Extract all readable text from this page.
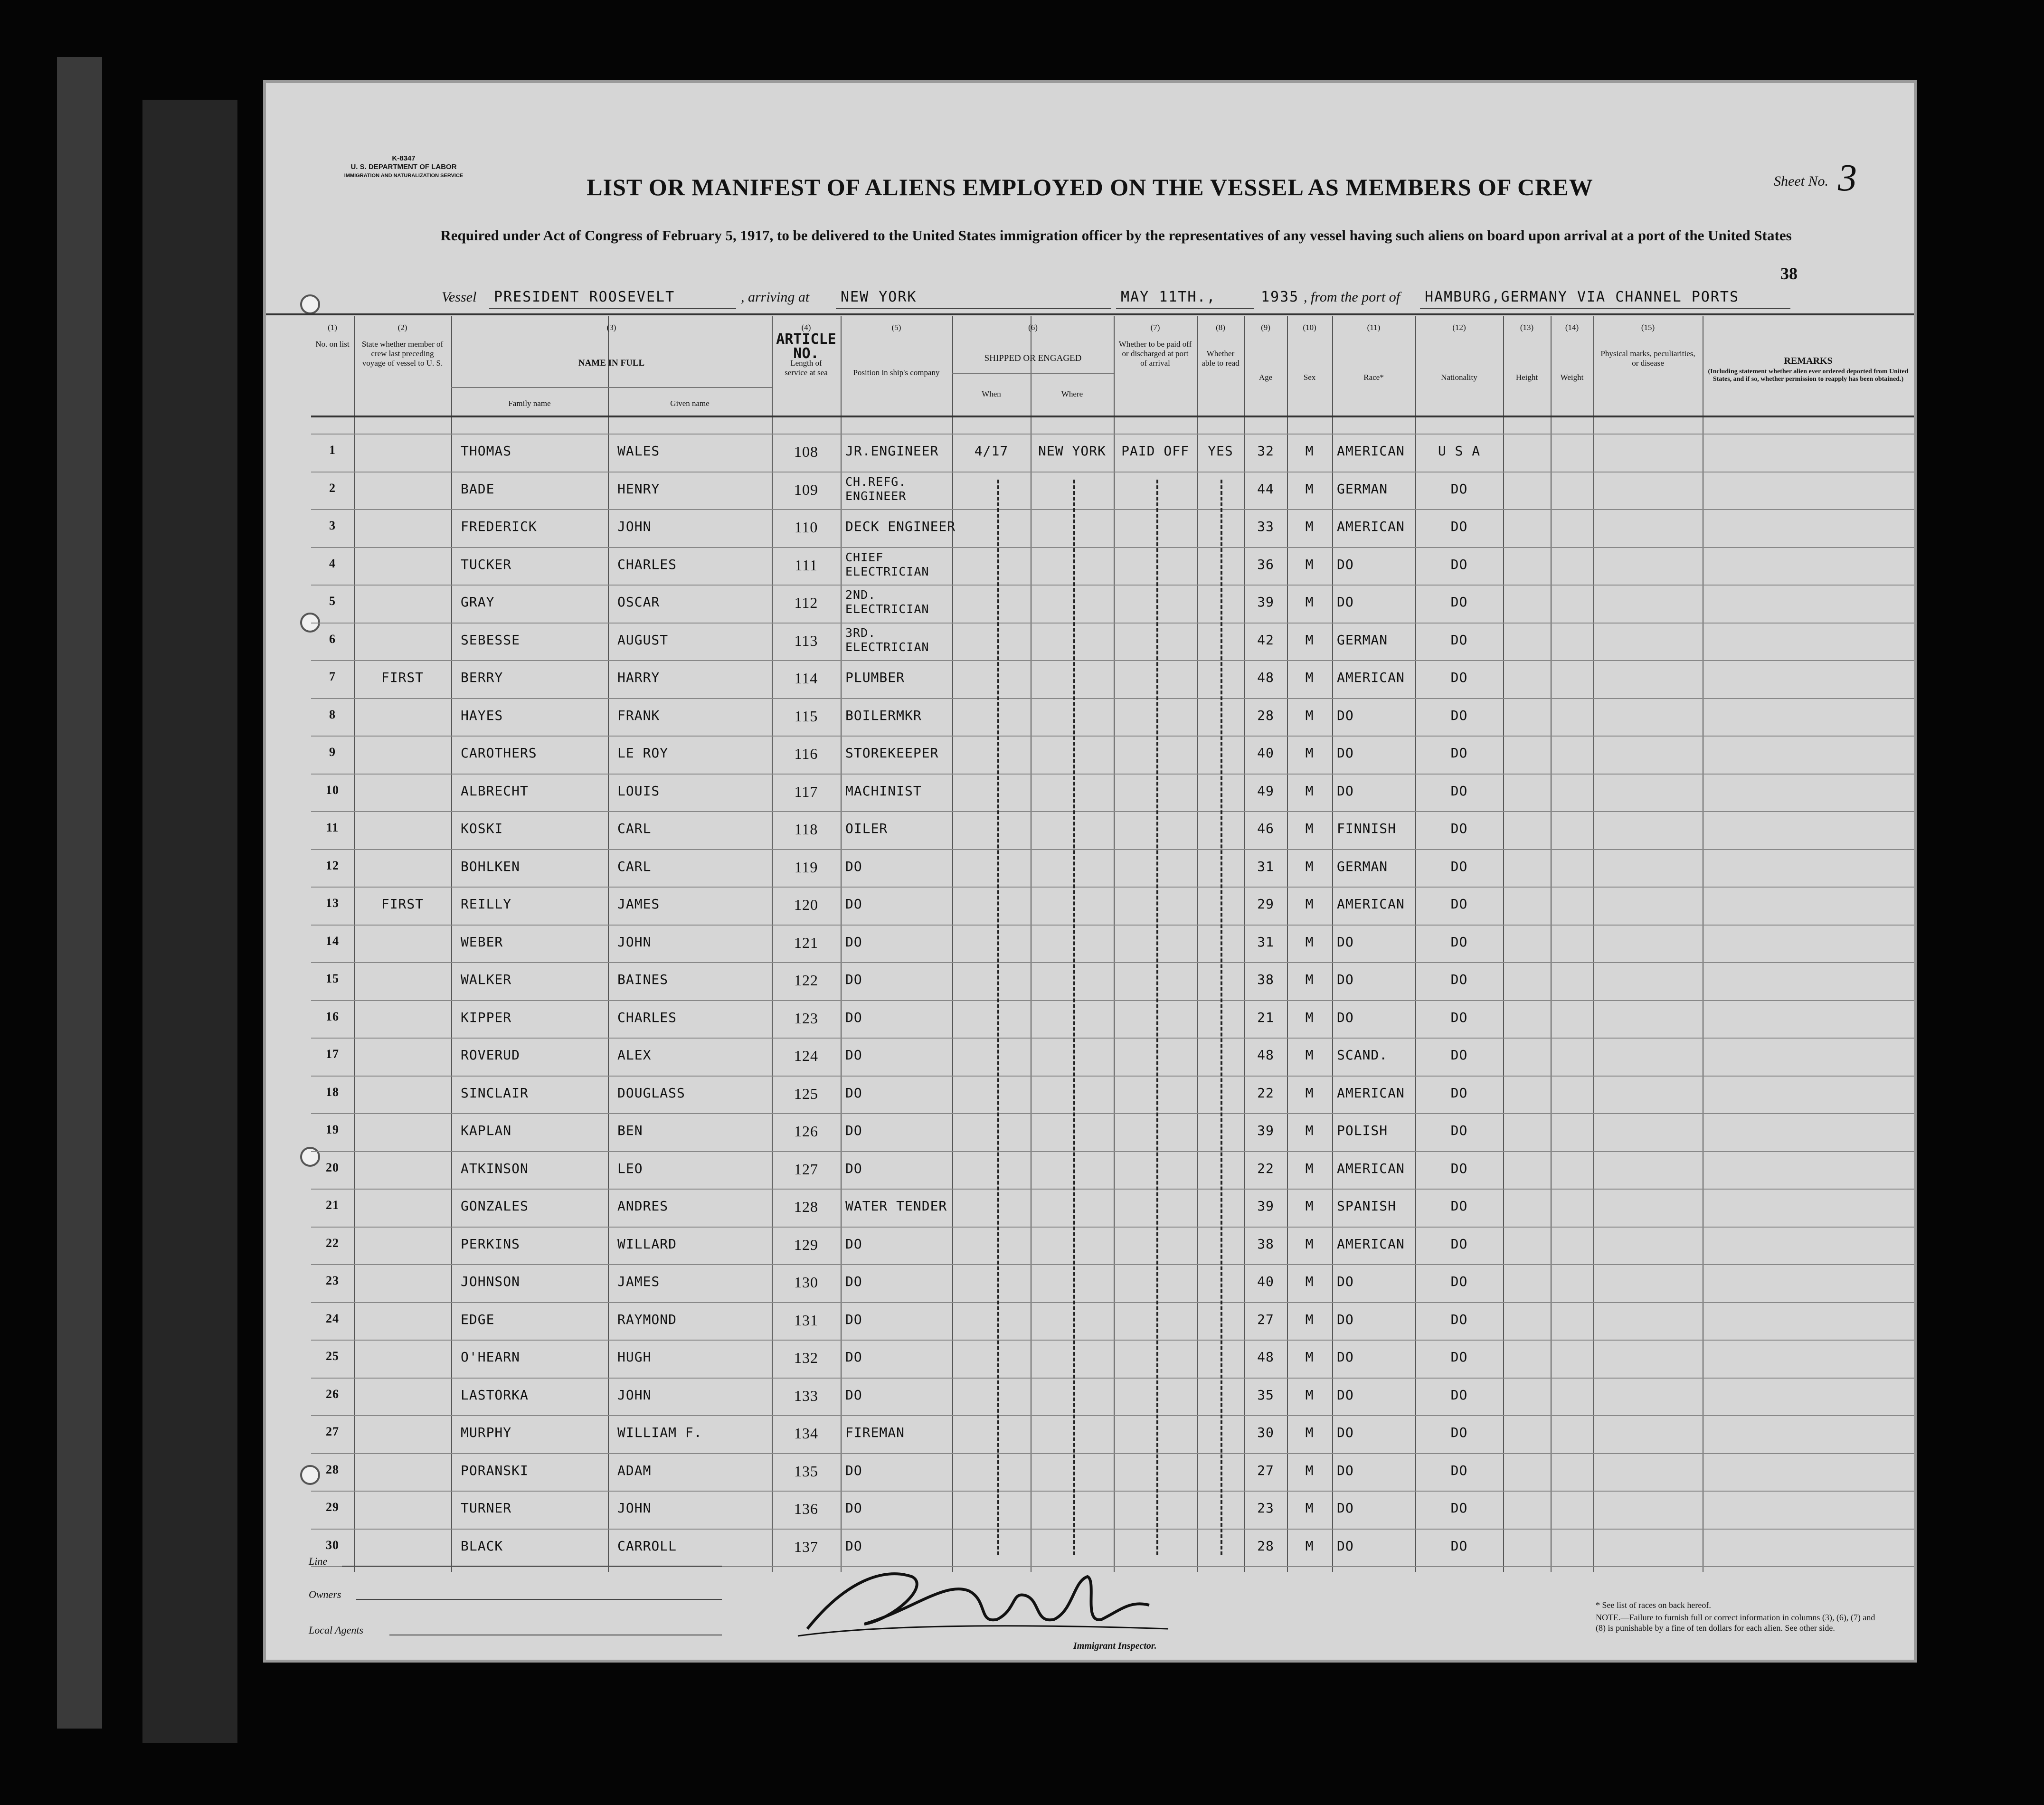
K-8347
U. S. DEPARTMENT OF LABOR
IMMIGRATION AND NATURALIZATION SERVICE	Sheet No. 3
38
LIST OR MANIFEST OF ALIENS EMPLOYED ON THE VESSEL AS MEMBERS OF CREW
Required under Act of Congress of February 5, 1917, to be delivered to the United States immigration officer by the representatives of any vessel having such aliens on board upon arrival at a port of the United States
Vessel PRESIDENT ROOSEVELT	, arriving at NEW YORK	MAY 11TH.,	1935 , from the port of HAMBURG,GERMANY VIA CHANNEL PORTS
(1)
No. on list
(2)
State whether member of crew last preceding voyage of vessel to U. S.
(3)
NAME IN FULL
Family name	Given name
(4)
ARTICLE NO.
Length of service at sea
(5)
Position in ship's company
(6)
SHIPPED OR ENGAGED
When	Where
(7)
Whether to be paid off or discharged at port of arrival
(8)
Whether able to read
(9)
Age
(10)
Sex
(11)
Race*
(12)
Nationality
(13)
Height
(14)
Weight
(15)
Physical marks, peculiarities, or disease	REMARKS
(Including statement whether alien ever ordered deported from United States, and if so, whether permission to reapply has been obtained.)
1	THOMAS	WALES	108	JR.ENGINEER	4/17	NEW YORK	PAID OFF	YES	32	M	AMERICAN	U S A
2	BADE	HENRY	109	CH.REFG. ENGINEER	44	M	GERMAN	DO
3	FREDERICK	JOHN	110	DECK ENGINEER	33	M	AMERICAN	DO
4	TUCKER	CHARLES	111	CHIEF ELECTRICIAN	36	M	DO	DO
5	GRAY	OSCAR	112	2ND. ELECTRICIAN	39	M	DO	DO
6	SEBESSE	AUGUST	113	3RD. ELECTRICIAN	42	M	GERMAN	DO
7	FIRST	BERRY	HARRY	114	PLUMBER	48	M	AMERICAN	DO
8	HAYES	FRANK	115	BOILERMKR	28	M	DO	DO
9	CAROTHERS	LE ROY	116	STOREKEEPER	40	M	DO	DO
10	ALBRECHT	LOUIS	117	MACHINIST	49	M	DO	DO
11	KOSKI	CARL	118	OILER	46	M	FINNISH	DO
12	BOHLKEN	CARL	119	DO	31	M	GERMAN	DO
13	FIRST	REILLY	JAMES	120	DO	29	M	AMERICAN	DO
14	WEBER	JOHN	121	DO	31	M	DO	DO
15	WALKER	BAINES	122	DO	38	M	DO	DO
16	KIPPER	CHARLES	123	DO	21	M	DO	DO
17	ROVERUD	ALEX	124	DO	48	M	SCAND.	DO
18	SINCLAIR	DOUGLASS	125	DO	22	M	AMERICAN	DO
19	KAPLAN	BEN	126	DO	39	M	POLISH	DO
20	ATKINSON	LEO	127	DO	22	M	AMERICAN	DO
21	GONZALES	ANDRES	128	WATER TENDER	39	M	SPANISH	DO
22	PERKINS	WILLARD	129	DO	38	M	AMERICAN	DO
23	JOHNSON	JAMES	130	DO	40	M	DO	DO
24	EDGE	RAYMOND	131	DO	27	M	DO	DO
25	O'HEARN	HUGH	132	DO	48	M	DO	DO
26	LASTORKA	JOHN	133	DO	35	M	DO	DO
27	MURPHY	WILLIAM F.	134	FIREMAN	30	M	DO	DO
28	PORANSKI	ADAM	135	DO	27	M	DO	DO
29	TURNER	JOHN	136	DO	23	M	DO	DO
30	BLACK	CARROLL	137	DO	28	M	DO	DO
Line
Owners
Local Agents
Immigrant Inspector.
* See list of races on back hereof.
NOTE.—Failure to furnish full or correct information in columns (3), (6), (7) and (8) is punishable by a fine of ten dollars for each alien. See other side.
